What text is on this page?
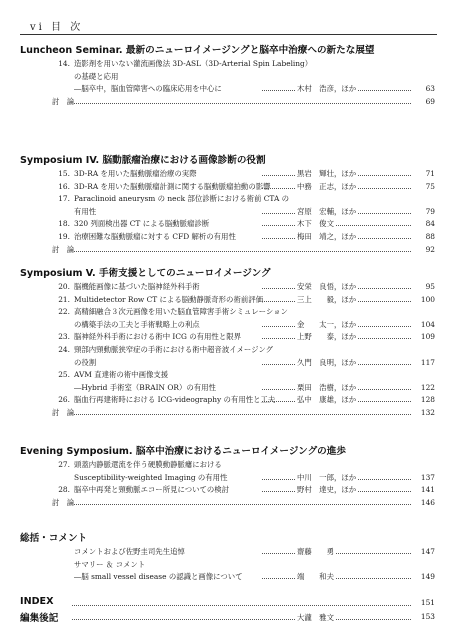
vi 目 次
Luncheon Seminar. 最新のニューロイメージングと脳卒中治療への新たな展望
14. 造影剤を用いない灌流画像法 3D-ASL（3D-Arterial Spin Labeling）
の基礎と応用
―脳卒中，脳血管障害への臨床応用を中心に	木村　浩彦，ほか	63
討　論	69
Symposium IV. 脳動脈瘤治療における画像診断の役割
15. 3D-RA を用いた脳動脈瘤治療の実際	黒岩　輝壮，ほか	71
16. 3D-RA を用いた脳動脈瘤計測に関する脳動脈瘤拍動の影響	中務　正志，ほか	75
17. Paraclinoid aneurysm の neck 部位診断における術前 CTA の
有用性	宮原　宏輔，ほか	79
18. 320 列面検出器 CT による脳動脈瘤診断	木下　俊文	84
19. 治療困難な脳動脈瘤に対する CFD 解析の有用性	梅田　靖之，ほか	88
討　論	92
Symposium V. 手術支援としてのニューロイメージング
20. 脳機能画像に基づいた脳神経外科手術	安栄　良悟，ほか	95
21. Multidetector Row CT による脳動静脈奇形の術前評価	三上　　毅，ほか	100
22. 高精細融合３次元画像を用いた脳血管障害手術シミュレーション
の構築手法の工夫と手術戦略上の利点	金　　太一，ほか	104
23. 脳神経外科手術における術中 ICG の有用性と限界	上野　　泰，ほか	109
24. 頸部内頸動脈狭窄症の手術における術中超音波イメージング
の役割	久門　良明，ほか	117
25. AVM 直達術の術中画像支援
―Hybrid 手術室（BRAIN OR）の有用性	栗田　浩樹，ほか	122
26. 脳血行再建術時における ICG-videography の有用性と工夫	弘中　康雄，ほか	128
討　論	132
Evening Symposium. 脳卒中治療におけるニューロイメージングの進歩
27. 頭蓋内静脈還流を伴う硬膜動静脈瘻における
Susceptibility-weighted Imaging の有用性	中川　一郎，ほか	137
28. 脳卒中再発と頸動脈エコー所見についての検討	野村　達史，ほか	141
討　論	146
総括・コメント
コメントおよび佐野圭司先生追悼	齋藤　　勇	147
サマリー ＆ コメント
―脳 small vessel disease の認識と画像について	端　　和夫	149
INDEX	151
編集後記	大瀧　雅文	153
